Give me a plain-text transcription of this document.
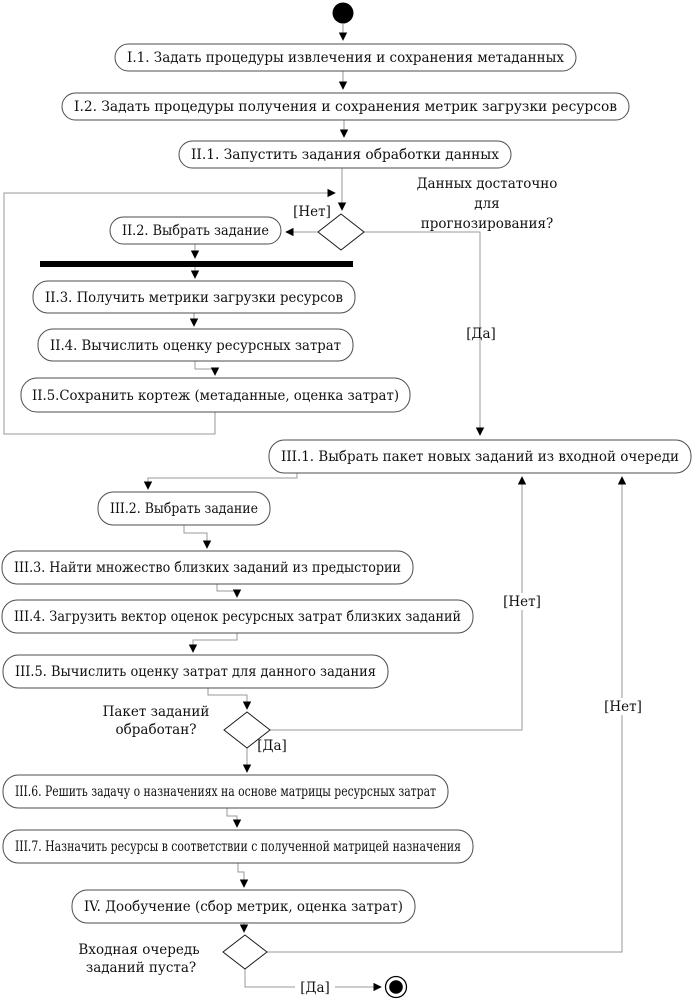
I.1. Задать процедуры извлечения и сохранения метаданных
I.2. Задать процедуры получения и сохранения метрик загрузки ресурсов
II.1. Запустить задания обработки данных
II.2. Выбрать задание
II.3. Получить метрики загрузки ресурсов
II.4. Вычислить оценку ресурсных затрат
II.5.Сохранить кортеж (метаданные, оценка затрат)
III.1. Выбрать пакет новых заданий из входной очереди
III.2. Выбрать задание
III.3. Найти множество близких заданий из предыстории
III.4. Загрузить вектор оценок ресурсных затрат близких заданий
III.5. Вычислить оценку затрат для данного задания
III.6. Решить задачу о назначениях на основе матрицы ресурсных затрат
III.7. Назначить ресурсы в соответствии с полученной матрицей назначения
IV. Дообучение (сбор метрик, оценка затрат)
Данных достаточно
для
прогнозирования?
Пакет заданий
обработан?
Входная очередь
заданий пуста?
[Нет]
[Да]
[Нет]
[Да]
[Нет]
[Да]
